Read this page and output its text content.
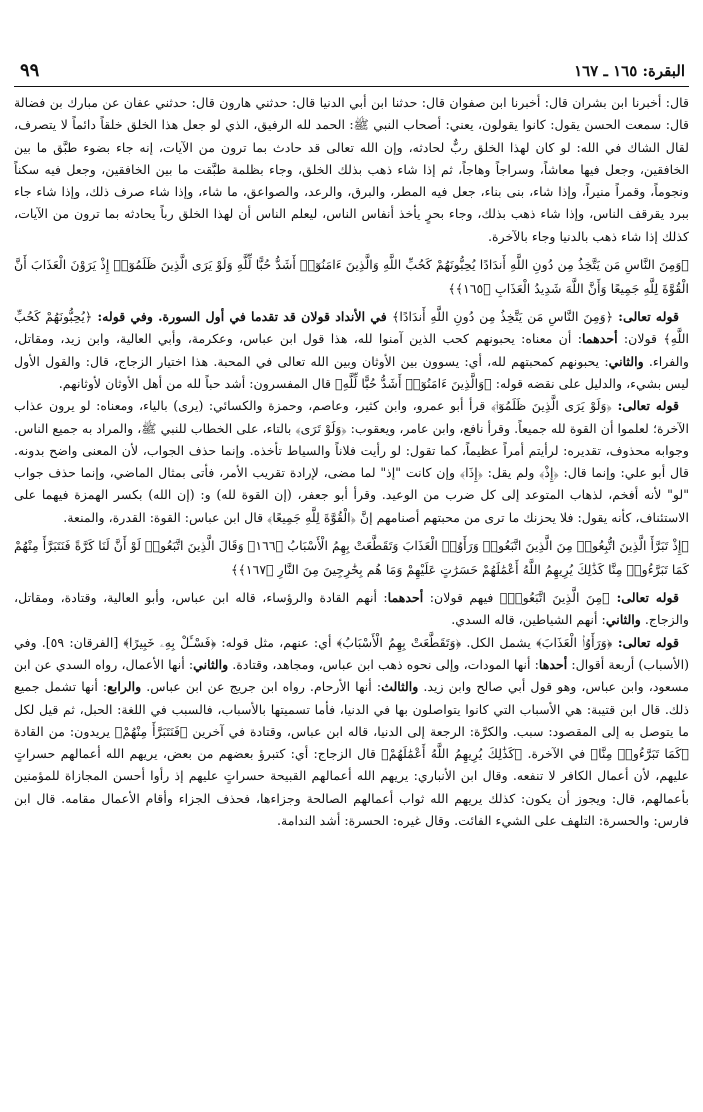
البقرة: ١٦٥ ـ ١٦٧
٩٩

قال: أخبرنا ابن بشران قال: أخبرنا ابن صفوان قال: حدثنا ابن أبي الدنيا قال: حدثني هارون قال: حدثني عفان عن مبارك بن فضالة قال: سمعت الحسن يقول: كانوا يقولون، يعني: أصحاب النبي ﷺ: الحمد لله الرفيق، الذي لو جعل هذا الخلق خلقاً دائماً لا يتصرف، لقال الشاك في الله: لو كان لهذا الخلق ربٌّ لحادثه، وإن الله تعالى قد حادث بما ترون من الآيات، إنه جاء بضوء طبَّق ما بين الخافقين، وجعل فيها معاشاً، وسراجاً وهاجاً، ثم إذا شاء ذهب بذلك الخلق، وجاء بظلمة طبَّقت ما بين الخافقين، وجعل فيه سكناً ونجوماً، وقمراً منيراً، وإذا شاء، بنى بناء، جعل فيه المطر، والبرق، والرعد، والصواعق، ما شاء، وإذا شاء صرف ذلك، وإذا شاء جاء ببرد يقرقف الناس، وإذا شاء ذهب بذلك، وجاء بحرٍ يأخذ أنفاس الناس، ليعلم الناس أن لهذا الخلق رباً يحادثه بما ترون من الآيات، كذلك إذا شاء ذهب بالدنيا وجاء بالآخرة.

﴿وَمِنَ النَّاسِ مَن يَتَّخِذُ مِن دُونِ اللَّهِ أَندَادًا يُحِبُّونَهُمْ كَحُبِّ اللَّهِ وَالَّذِينَ ءَامَنُوٓا۟ أَشَدُّ حُبًّا لِّلَّهِ وَلَوْ يَرَى الَّذِينَ ظَلَمُوٓا۟ إِذْ يَرَوْنَ الْعَذَابَ أَنَّ الْقُوَّةَ لِلَّهِ جَمِيعًا وَأَنَّ اللَّهَ شَدِيدُ الْعَذَابِ ﴿١٦٥﴾﴾

قوله تعالى: ﴿وَمِنَ النَّاسِ مَن يَتَّخِذُ مِن دُونِ اللَّهِ أَندَادًا﴾ في الأنداد قولان قد تقدما في أول السورة. وفي قوله: ﴿يُحِبُّونَهُمْ كَحُبِّ اللَّهِ﴾ قولان: أحدهما: أن معناه: يحبونهم كحب الذين آمنوا لله، هذا قول ابن عباس، وعكرمة، وأبي العالية، وابن زيد، ومقاتل، والفراء. والثاني: يحبونهم كمحبتهم لله، أي: يسوون بين الأوثان وبين الله تعالى في المحبة. هذا اختيار الزجاج، قال: والقول الأول ليس بشيء، والدليل على نقضه قوله: ﴿وَالَّذِينَ ءَامَنُوٓا۟ أَشَدُّ حُبًّا لِّلَّهِ﴾ قال المفسرون: أشد حباً لله من أهل الأوثان لأوثانهم.

قوله تعالى: ﴿وَلَوْ يَرَى الَّذِينَ ظَلَمُوٓا۟﴾ قرأ أبو عمرو، وابن كثير، وعاصم، وحمزة والكسائي: (يرى) بالياء، ومعناه: لو يرون عذاب الآخرة؛ لعلموا أن القوة لله جميعاً. وقرأ نافع، وابن عامر، ويعقوب: ﴿وَلَوْ تَرَى﴾ بالتاء، على الخطاب للنبي ﷺ، والمراد به جميع الناس. وجوابه محذوف، تقديره: لرأيتم أمراً عظيماً، كما تقول: لو رأيت فلاناً والسياط تأخذه. وإنما حذف الجواب، لأن المعنى واضح بدونه. قال أبو علي: وإنما قال: ﴿إِذْ﴾ ولم يقل: ﴿إِذَا﴾ وإن كانت "إذ" لما مضى، لإرادة تقريب الأمر، فأتى بمثال الماضي، وإنما حذف جواب "لو" لأنه أفخم، لذهاب المتوعد إلى كل ضرب من الوعيد. وقرأ أبو جعفر، (إن القوة لله) و: (إن الله) بكسر الهمزة فيهما على الاستئناف، كأنه يقول: فلا يحزنك ما ترى من محبتهم أصنامهم إنَّ ﴿الْقُوَّةَ لِلَّهِ جَمِيعًا﴾ قال ابن عباس: القوة: القدرة، والمنعة.

﴿إِذْ تَبَرَّأَ الَّذِينَ اتُّبِعُوا۟ مِنَ الَّذِينَ اتَّبَعُوا۟ وَرَأَوُا۟ الْعَذَابَ وَتَقَطَّعَتْ بِهِمُ الْأَسْبَابُ ﴿١٦٦﴾ وَقَالَ الَّذِينَ اتَّبَعُوا۟ لَوْ أَنَّ لَنَا كَرَّةً فَنَتَبَرَّأَ مِنْهُمْ كَمَا تَبَرَّءُوا۟ مِنَّا كَذَٰلِكَ يُرِيهِمُ اللَّهُ أَعْمَٰلَهُمْ حَسَرَٰتٍ عَلَيْهِمْ وَمَا هُم بِخَٰرِجِينَ مِنَ النَّارِ ﴿١٦٧﴾﴾

قوله تعالى: ﴿مِنَ الَّذِينَ اتَّبَعُوا۟﴾ فيهم قولان: أحدهما: أنهم القادة والرؤساء، قاله ابن عباس، وأبو العالية، وقتادة، ومقاتل، والزجاج. والثاني: أنهم الشياطين، قاله السدي.

قوله تعالى: ﴿وَرَأَوُا۟ الْعَذَابَ﴾ يشمل الكل. ﴿وَتَقَطَّعَتْ بِهِمُ الْأَسْبَابُ﴾ أي: عنهم، مثل قوله: ﴿فَسْـَٔلْ بِهِۦ خَبِيرًا﴾ [الفرقان: ٥٩]. وفي (الأسباب) أربعة أقوال: أحدها: أنها المودات، وإلى نحوه ذهب ابن عباس، ومجاهد، وقتادة. والثاني: أنها الأعمال، رواه السدي عن ابن مسعود، وابن عباس، وهو قول أبي صالح وابن زيد. والثالث: أنها الأرحام. رواه ابن جريج عن ابن عباس. والرابع: أنها تشمل جميع ذلك. قال ابن قتيبة: هي الأسباب التي كانوا يتواصلون بها في الدنيا، فأما تسميتها بالأسباب، فالسبب في اللغة: الحبل، ثم قيل لكل ما يتوصل به إلى المقصود: سبب. والكرَّة: الرجعة إلى الدنيا، قاله ابن عباس، وقتادة في آخرين ﴿فَنَتَبَرَّأَ مِنْهُمْ﴾ يريدون: من القادة ﴿كَمَا تَبَرَّءُوا۟ مِنَّا﴾ في الآخرة. ﴿كَذَٰلِكَ يُرِيهِمُ اللَّهُ أَعْمَٰلَهُمْ﴾ قال الزجاج: أي: كتبرؤ بعضهم من بعض، يريهم الله أعمالهم حسراتٍ عليهم، لأن أعمال الكافر لا تنفعه. وقال ابن الأنباري: يريهم الله أعمالهم القبيحة حسراتٍ عليهم إذ رأوا أحسن المجازاة للمؤمنين بأعمالهم، قال: ويجوز أن يكون: كذلك يريهم الله ثواب أعمالهم الصالحة وجزاءها، فحذف الجزاء وأقام الأعمال مقامه. قال ابن فارس: والحسرة: التلهف على الشيء الفائت. وقال غيره: الحسرة: أشد الندامة.
